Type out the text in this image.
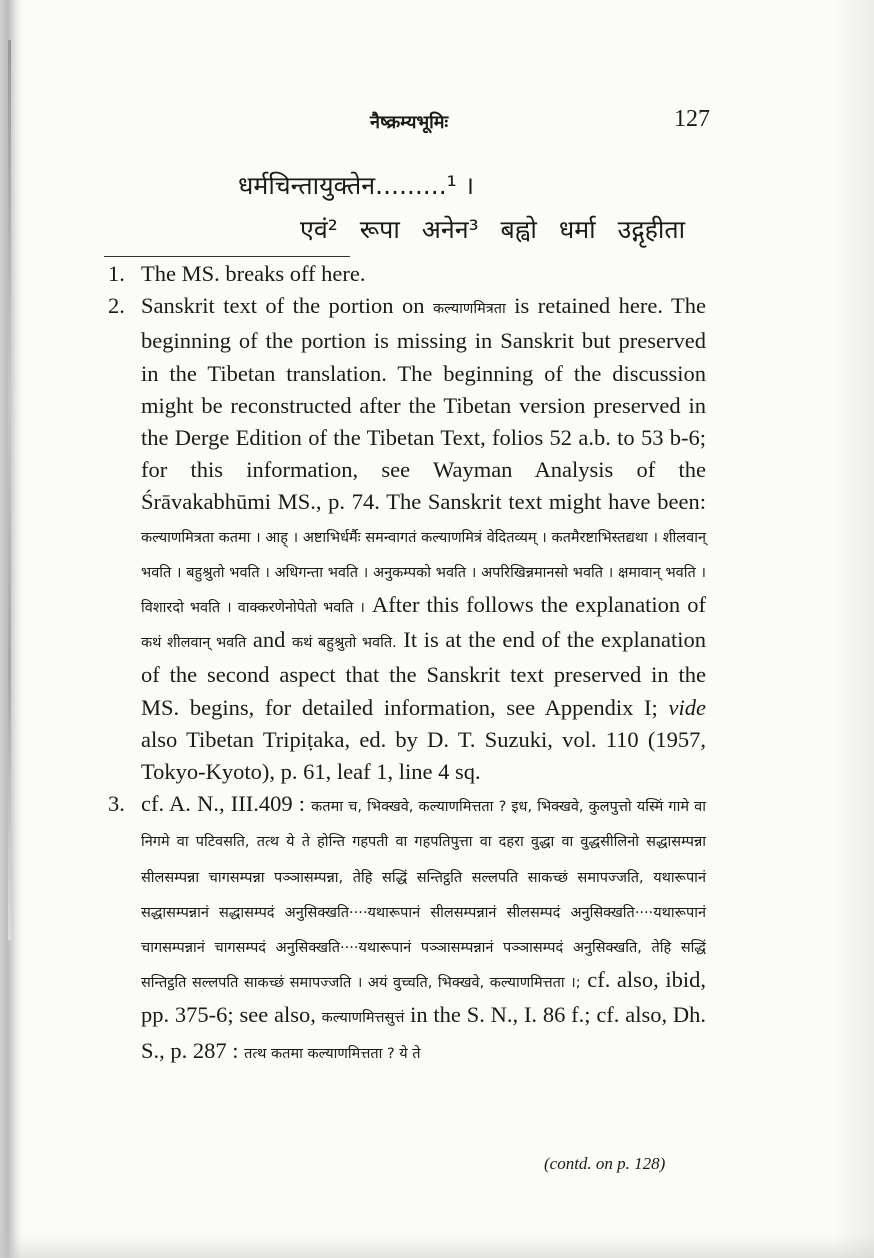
नैष्क्रम्यभूमिः	127
धर्मचिन्तायुक्तेन.........¹ ।
एवं² रूपा अनेन³ बह्वो धर्मा उद्गृहीता
1. The MS. breaks off here.
2. Sanskrit text of the portion on कल्याणमित्रता is retained here. The beginning of the portion is missing in Sanskrit but preserved in the Tibetan translation. The beginning of the discussion might be reconstructed after the Tibetan version preserved in the Derge Edition of the Tibetan Text, folios 52 a.b. to 53 b-6; for this information, see Wayman Analysis of the Śrāvakabhūmi MS., p. 74. The Sanskrit text might have been: कल्याणमित्रता कतमा । आह् । अष्टाभिर्धर्मैः समन्वागतं कल्याणमित्रं वेदितव्यम् । कतमैरष्टाभिस्तद्यथा । शीलवान् भवति । बहुश्रुतो भवति । अधिगन्ता भवति । अनुकम्पको भवति । अपरिखिन्नमानसो भवति । क्षमावान् भवति । विशारदो भवति । वाक्करणेनोपेतो भवति । After this follows the explanation of कथं शीलवान् भवति and कथं बहुश्रुतो भवति. It is at the end of the explanation of the second aspect that the Sanskrit text preserved in the MS. begins, for detailed information, see Appendix I; vide also Tibetan Tripiṭaka, ed. by D. T. Suzuki, vol. 110 (1957, Tokyo-Kyoto), p. 61, leaf 1, line 4 sq.
3. cf. A. N., III.409 : कतमा च, भिक्खवे, कल्याणमित्तता ? इध, भिक्खवे, कुलपुत्तो यस्मिं गामे वा निगमे वा पटिवसति, तत्थ ये ते होन्ति गहपती वा गहपतिपुत्ता वा दहरा वुद्धा वा वुद्धसीलिनो सद्धासम्पन्ना सीलसम्पन्ना चागसम्पन्ना पञ्ञासम्पन्ना, तेहि सद्धिं सन्तिट्ठति सल्लपति साकच्छं समापज्जति, यथारूपानं सद्धासम्पन्नानं सद्धासम्पदं अनुसिक्खति····यथारूपानं सीलसम्पन्नानं सीलसम्पदं अनुसिक्खति····यथारूपानं चागसम्पन्नानं चागसम्पदं अनुसिक्खति····यथारूपानं पञ्ञासम्पन्नानं पञ्ञासम्पदं अनुसिक्खति, तेहि सद्धिं सन्तिट्ठति सल्लपति साकच्छं समापज्जति । अयं वुच्चति, भिक्खवे, कल्याणमित्तता ।; cf. also, ibid, pp. 375-6; see also, कल्याणमित्तसुत्तं in the S. N., I. 86 f.; cf. also, Dh. S., p. 287 : तत्थ कतमा कल्याणमित्तता ? ये ते
(contd. on p. 128)
